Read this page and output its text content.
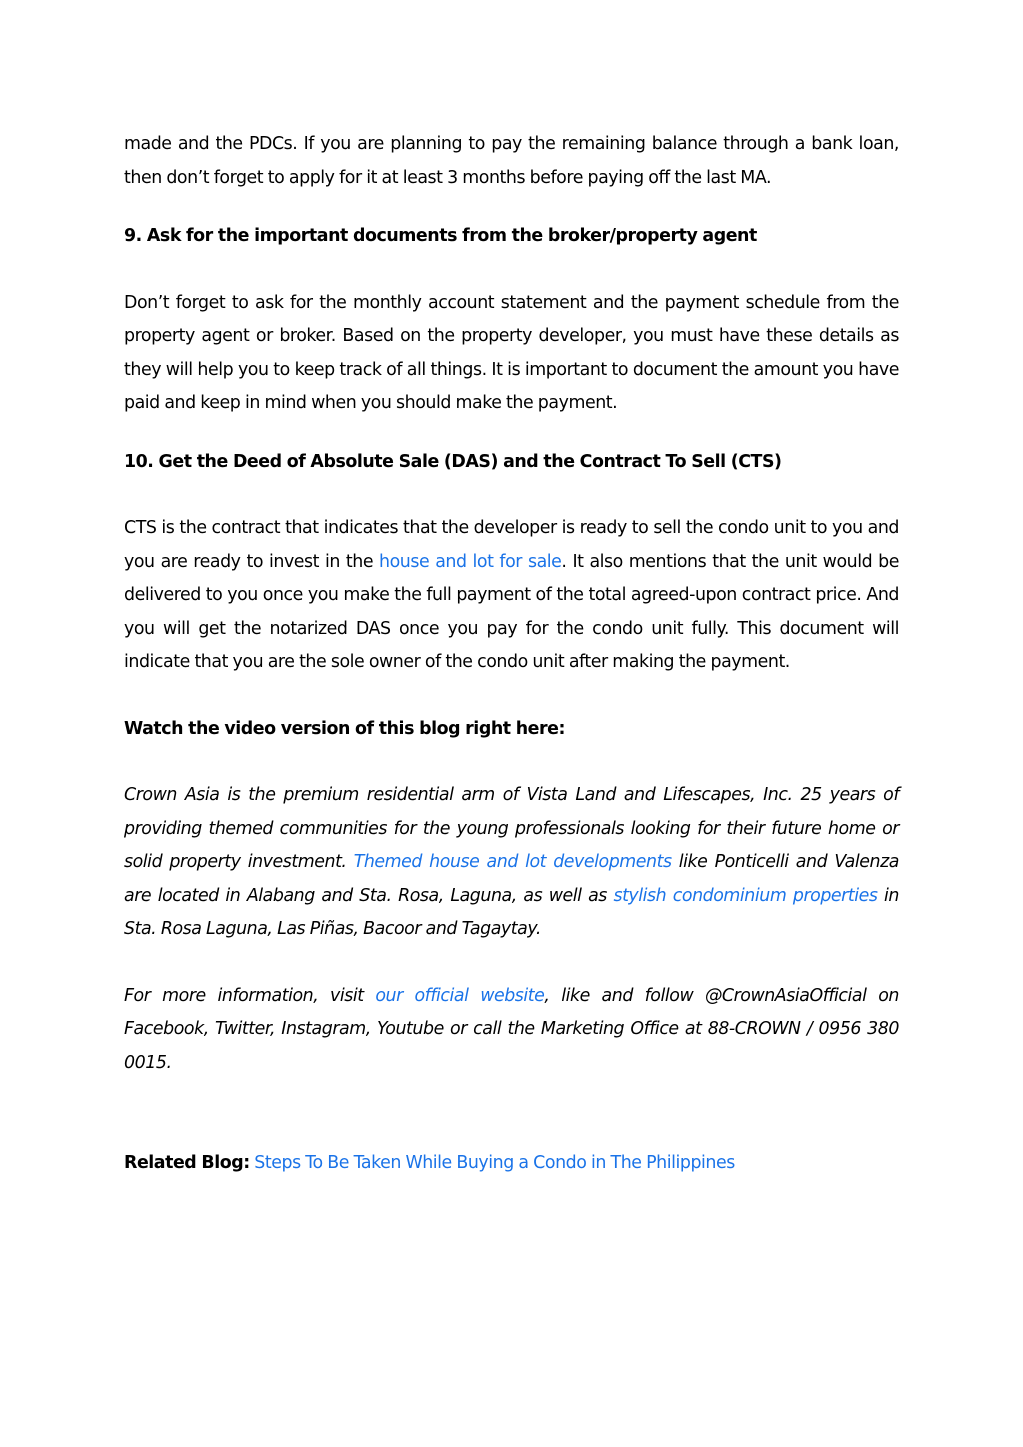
made and the PDCs. If you are planning to pay the remaining balance through a bank loan, then don’t forget to apply for it at least 3 months before paying off the last MA.

9. Ask for the important documents from the broker/property agent

Don’t forget to ask for the monthly account statement and the payment schedule from the property agent or broker. Based on the property developer, you must have these details as they will help you to keep track of all things. It is important to document the amount you have paid and keep in mind when you should make the payment.

10. Get the Deed of Absolute Sale (DAS) and the Contract To Sell (CTS)

CTS is the contract that indicates that the developer is ready to sell the condo unit to you and you are ready to invest in the house and lot for sale. It also mentions that the unit would be delivered to you once you make the full payment of the total agreed-upon contract price. And you will get the notarized DAS once you pay for the condo unit fully. This document will indicate that you are the sole owner of the condo unit after making the payment.

Watch the video version of this blog right here:

Crown Asia is the premium residential arm of Vista Land and Lifescapes, Inc. 25 years of providing themed communities for the young professionals looking for their future home or solid property investment. Themed house and lot developments like Ponticelli and Valenza are located in Alabang and Sta. Rosa, Laguna, as well as stylish condominium properties in Sta. Rosa Laguna, Las Piñas, Bacoor and Tagaytay.

For more information, visit our official website, like and follow @CrownAsiaOfficial on Facebook, Twitter, Instagram, Youtube or call the Marketing Office at 88-CROWN / 0956 380 0015.

Related Blog: Steps To Be Taken While Buying a Condo in The Philippines
